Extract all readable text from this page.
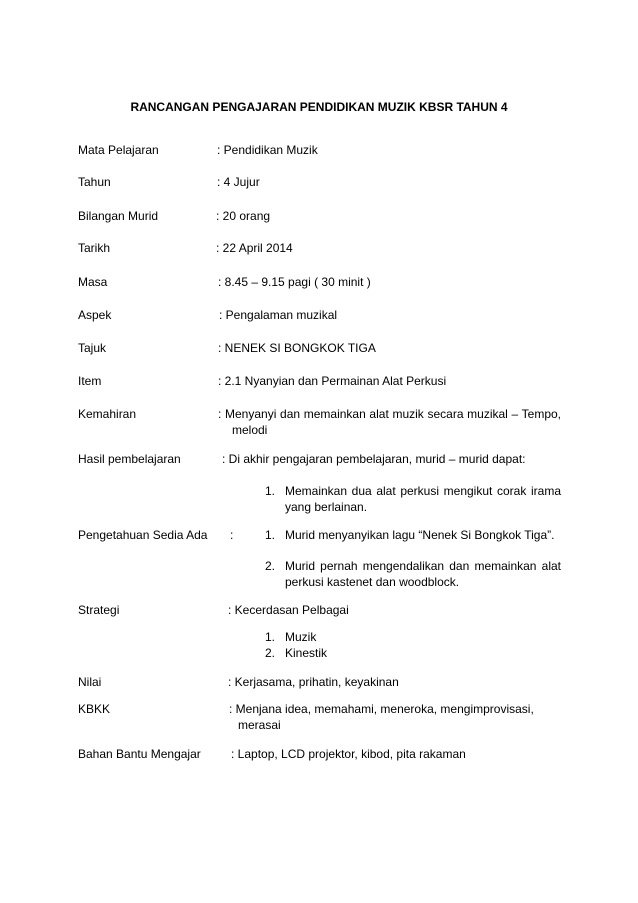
RANCANGAN PENGAJARAN PENDIDIKAN MUZIK KBSR TAHUN 4
Mata Pelajaran	: Pendidikan Muzik
Tahun	: 4 Jujur
Bilangan Murid	: 20 orang
Tarikh	: 22 April 2014
Masa	: 8.45 – 9.15 pagi ( 30 minit )
Aspek	: Pengalaman muzikal
Tajuk	: NENEK SI BONGKOK TIGA
Item	: 2.1 Nyanyian dan Permainan Alat Perkusi
Kemahiran	: Menyanyi dan memainkan alat muzik secara muzikal – Tempo,
melodi
Hasil pembelajaran	: Di akhir pengajaran pembelajaran, murid – murid dapat:
1. Memainkan dua alat perkusi mengikut corak irama
yang berlainan.
Pengetahuan Sedia Ada :	1. Murid menyanyikan lagu “Nenek Si Bongkok Tiga”.
2. Murid pernah mengendalikan dan memainkan alat
perkusi kastenet dan woodblock.
Strategi	: Kecerdasan Pelbagai
1. Muzik
2. Kinestik
Nilai	: Kerjasama, prihatin, keyakinan
KBKK	: Menjana idea, memahami, meneroka, mengimprovisasi,
merasai
Bahan Bantu Mengajar	: Laptop, LCD projektor, kibod, pita rakaman
